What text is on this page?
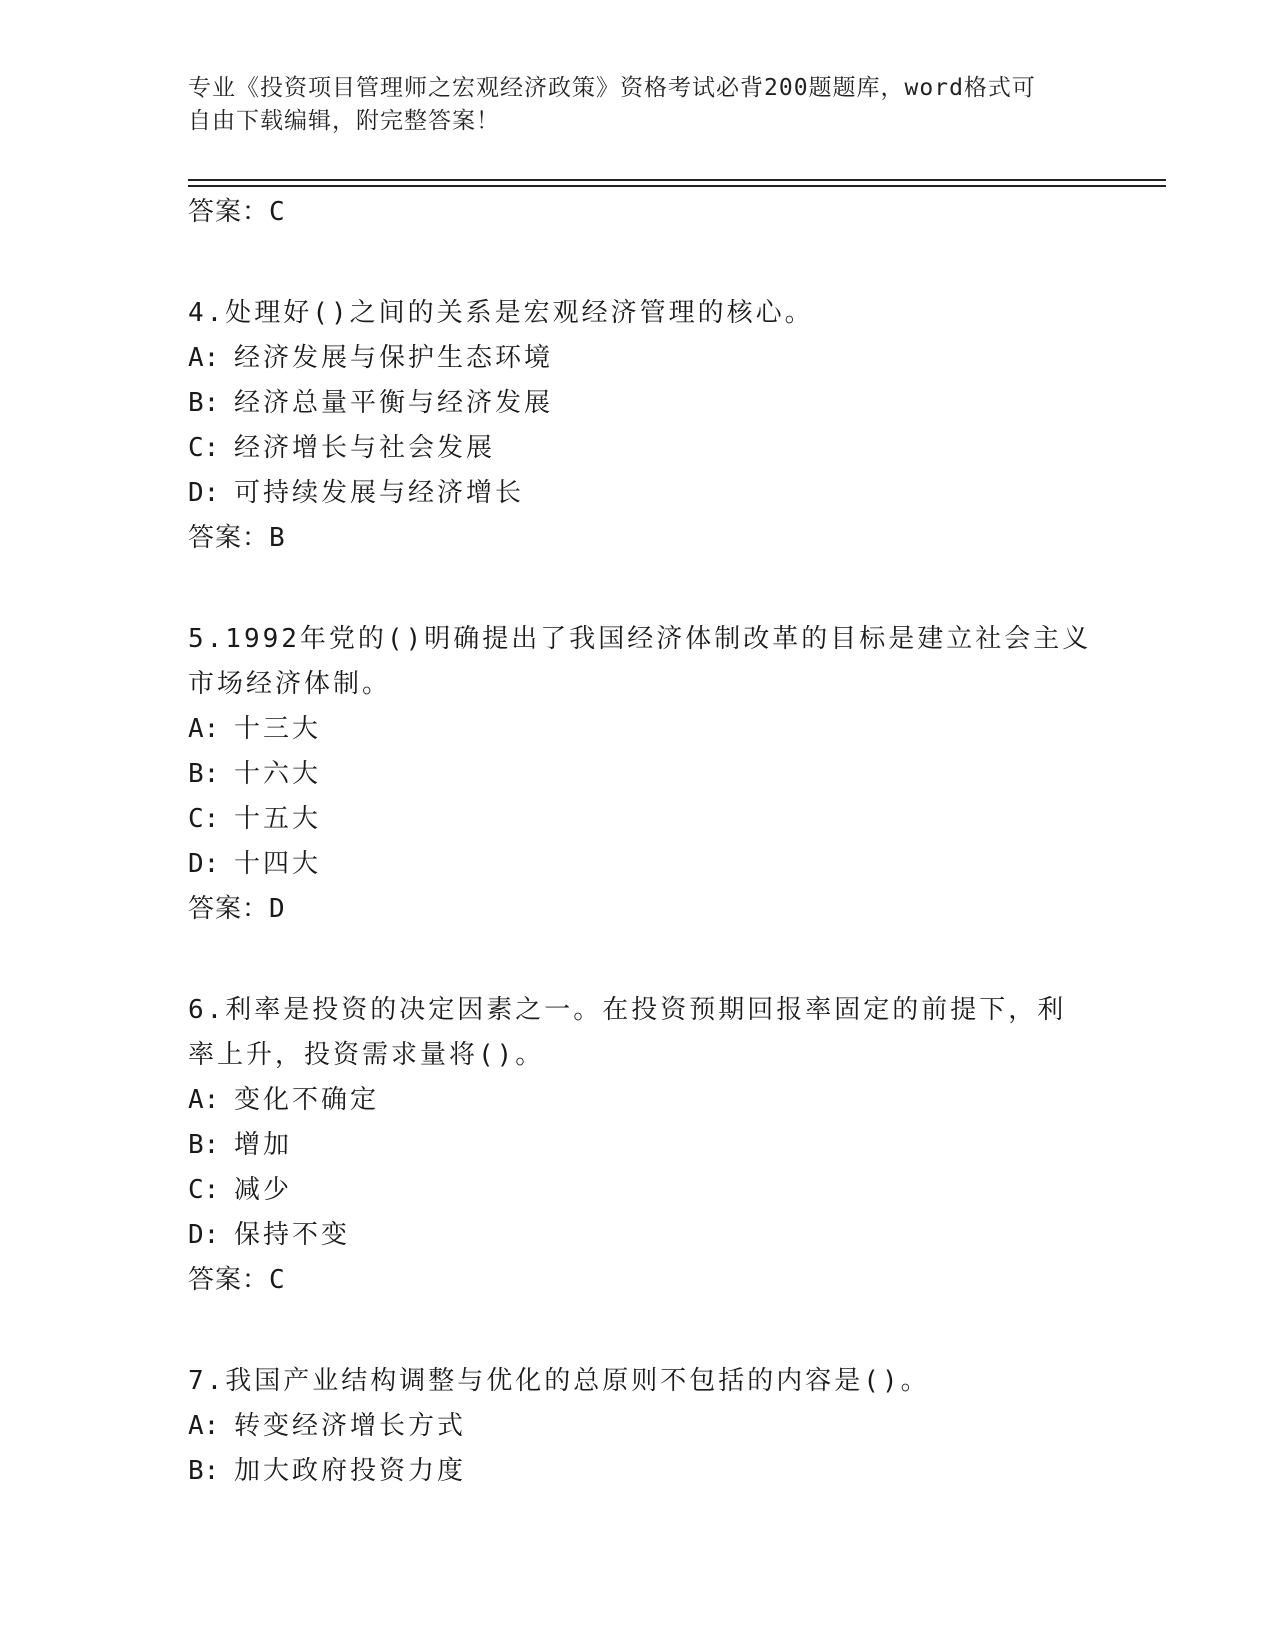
专业《投资项目管理师之宏观经济政策》资格考试必背200题题库，word格式可
自由下载编辑，附完整答案！
答案：C
4.处理好()之间的关系是宏观经济管理的核心。
A: 经济发展与保护生态环境
B: 经济总量平衡与经济发展
C: 经济增长与社会发展
D: 可持续发展与经济增长
答案：B
5.1992年党的()明确提出了我国经济体制改革的目标是建立社会主义
市场经济体制。
A: 十三大
B: 十六大
C: 十五大
D: 十四大
答案：D
6.利率是投资的决定因素之一。在投资预期回报率固定的前提下，利
率上升，投资需求量将()。
A: 变化不确定
B: 增加
C: 减少
D: 保持不变
答案：C
7.我国产业结构调整与优化的总原则不包括的内容是()。
A: 转变经济增长方式
B: 加大政府投资力度
